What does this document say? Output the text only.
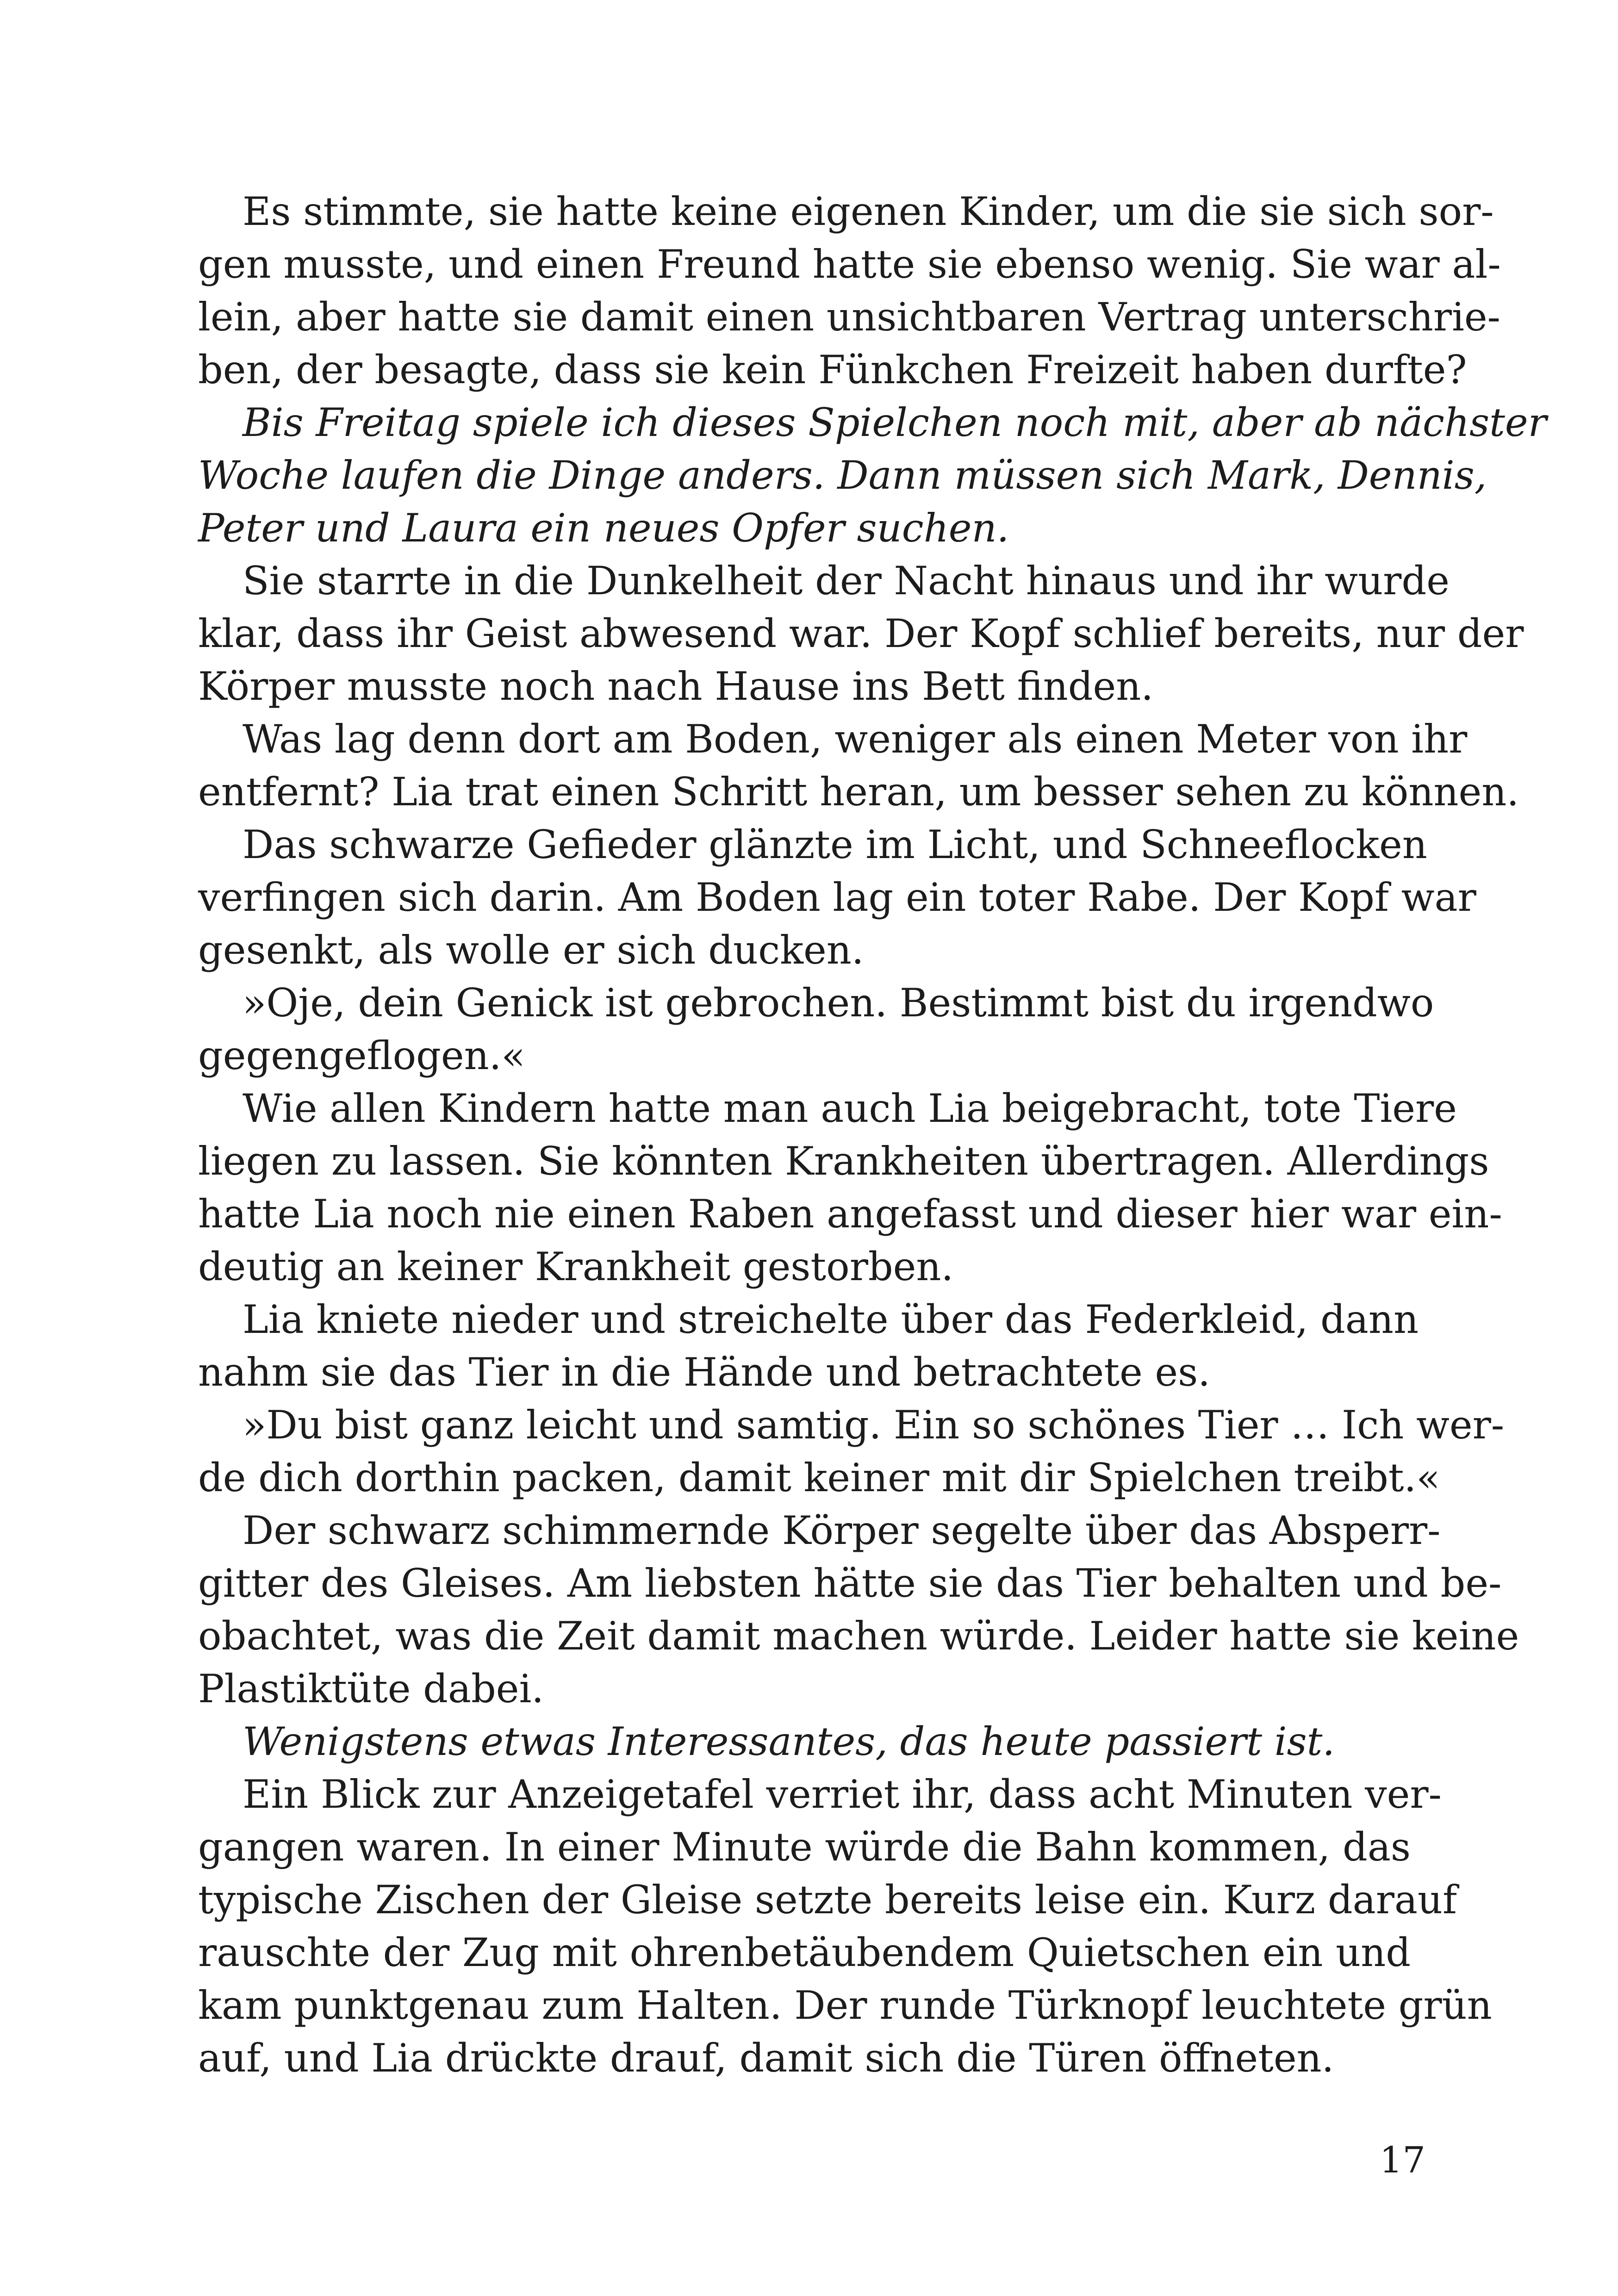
Es stimmte, sie hatte keine eigenen Kinder, um die sie sich sor-
gen musste, und einen Freund hatte sie ebenso wenig. Sie war al-
lein, aber hatte sie damit einen unsichtbaren Vertrag unterschrie-
ben, der besagte, dass sie kein Fünkchen Freizeit haben durfte?
Bis Freitag spiele ich dieses Spielchen noch mit, aber ab nächster
Woche laufen die Dinge anders. Dann müssen sich Mark, Dennis,
Peter und Laura ein neues Opfer suchen.
Sie starrte in die Dunkelheit der Nacht hinaus und ihr wurde
klar, dass ihr Geist abwesend war. Der Kopf schlief bereits, nur der
Körper musste noch nach Hause ins Bett finden.
Was lag denn dort am Boden, weniger als einen Meter von ihr
entfernt? Lia trat einen Schritt heran, um besser sehen zu können.
Das schwarze Gefieder glänzte im Licht, und Schneeflocken
verfingen sich darin. Am Boden lag ein toter Rabe. Der Kopf war
gesenkt, als wolle er sich ducken.
»Oje, dein Genick ist gebrochen. Bestimmt bist du irgendwo
gegengeflogen.«
Wie allen Kindern hatte man auch Lia beigebracht, tote Tiere
liegen zu lassen. Sie könnten Krankheiten übertragen. Allerdings
hatte Lia noch nie einen Raben angefasst und dieser hier war ein-
deutig an keiner Krankheit gestorben.
Lia kniete nieder und streichelte über das Federkleid, dann
nahm sie das Tier in die Hände und betrachtete es.
»Du bist ganz leicht und samtig. Ein so schönes Tier … Ich wer-
de dich dorthin packen, damit keiner mit dir Spielchen treibt.«
Der schwarz schimmernde Körper segelte über das Absperr-
gitter des Gleises. Am liebsten hätte sie das Tier behalten und be-
obachtet, was die Zeit damit machen würde. Leider hatte sie keine
Plastiktüte dabei.
Wenigstens etwas Interessantes, das heute passiert ist.
Ein Blick zur Anzeigetafel verriet ihr, dass acht Minuten ver-
gangen waren. In einer Minute würde die Bahn kommen, das
typische Zischen der Gleise setzte bereits leise ein. Kurz darauf
rauschte der Zug mit ohrenbetäubendem Quietschen ein und
kam punktgenau zum Halten. Der runde Türknopf leuchtete grün
auf, und Lia drückte drauf, damit sich die Türen öffneten.
17
